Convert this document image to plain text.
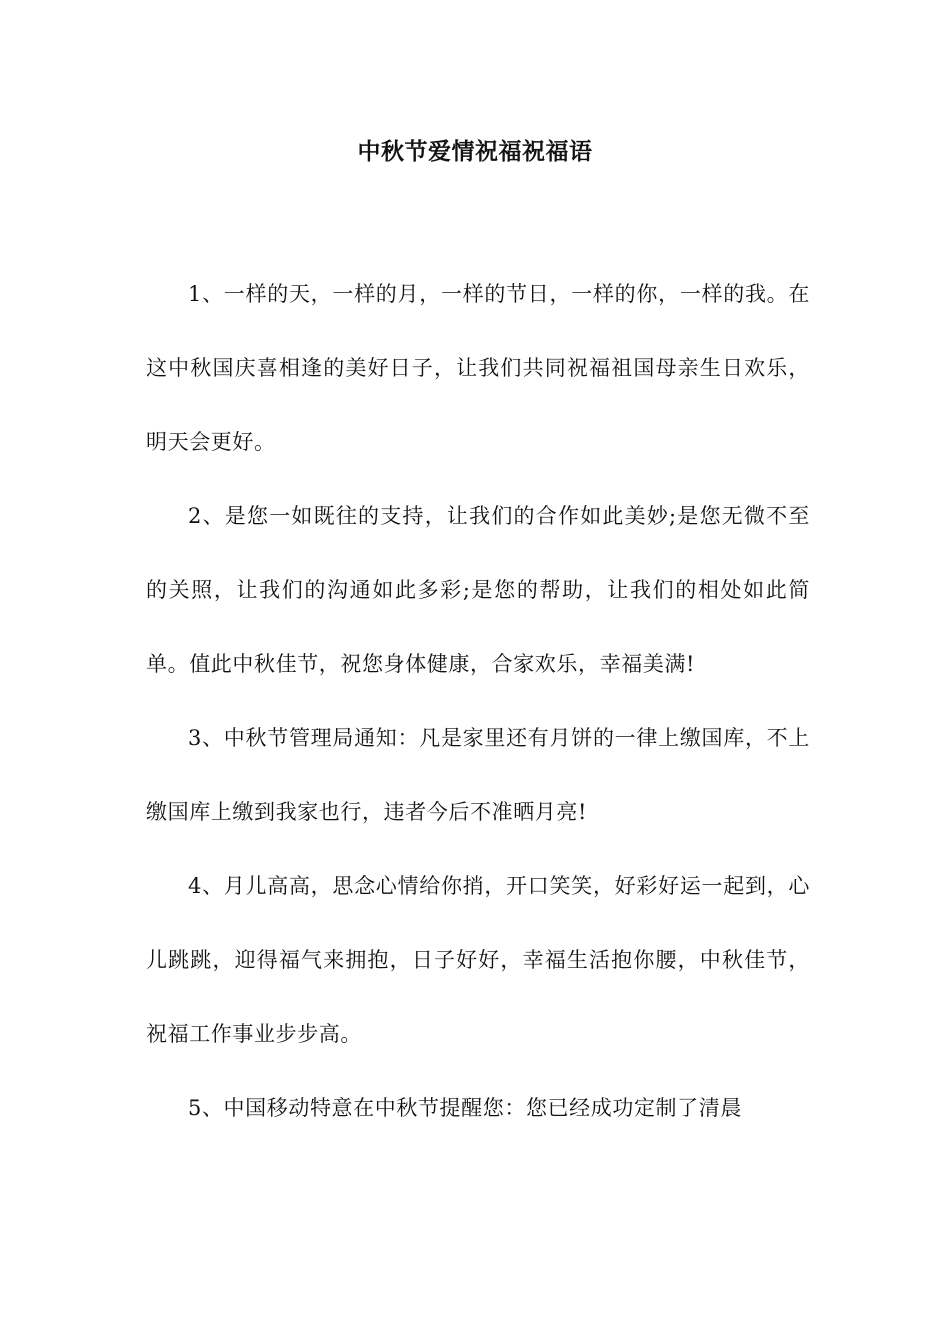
中秋节爱情祝福祝福语

1、一样的天，一样的月，一样的节日，一样的你，一样的我。在这中秋国庆喜相逢的美好日子，让我们共同祝福祖国母亲生日欢乐，明天会更好。

2、是您一如既往的支持，让我们的合作如此美妙;是您无微不至的关照，让我们的沟通如此多彩;是您的帮助，让我们的相处如此简单。值此中秋佳节，祝您身体健康，合家欢乐，幸福美满!

3、中秋节管理局通知：凡是家里还有月饼的一律上缴国库，不上缴国库上缴到我家也行，违者今后不准晒月亮!

4、月儿高高，思念心情给你捎，开口笑笑，好彩好运一起到，心儿跳跳，迎得福气来拥抱，日子好好，幸福生活抱你腰，中秋佳节，祝福工作事业步步高。

5、中国移动特意在中秋节提醒您：您已经成功定制了清晨
